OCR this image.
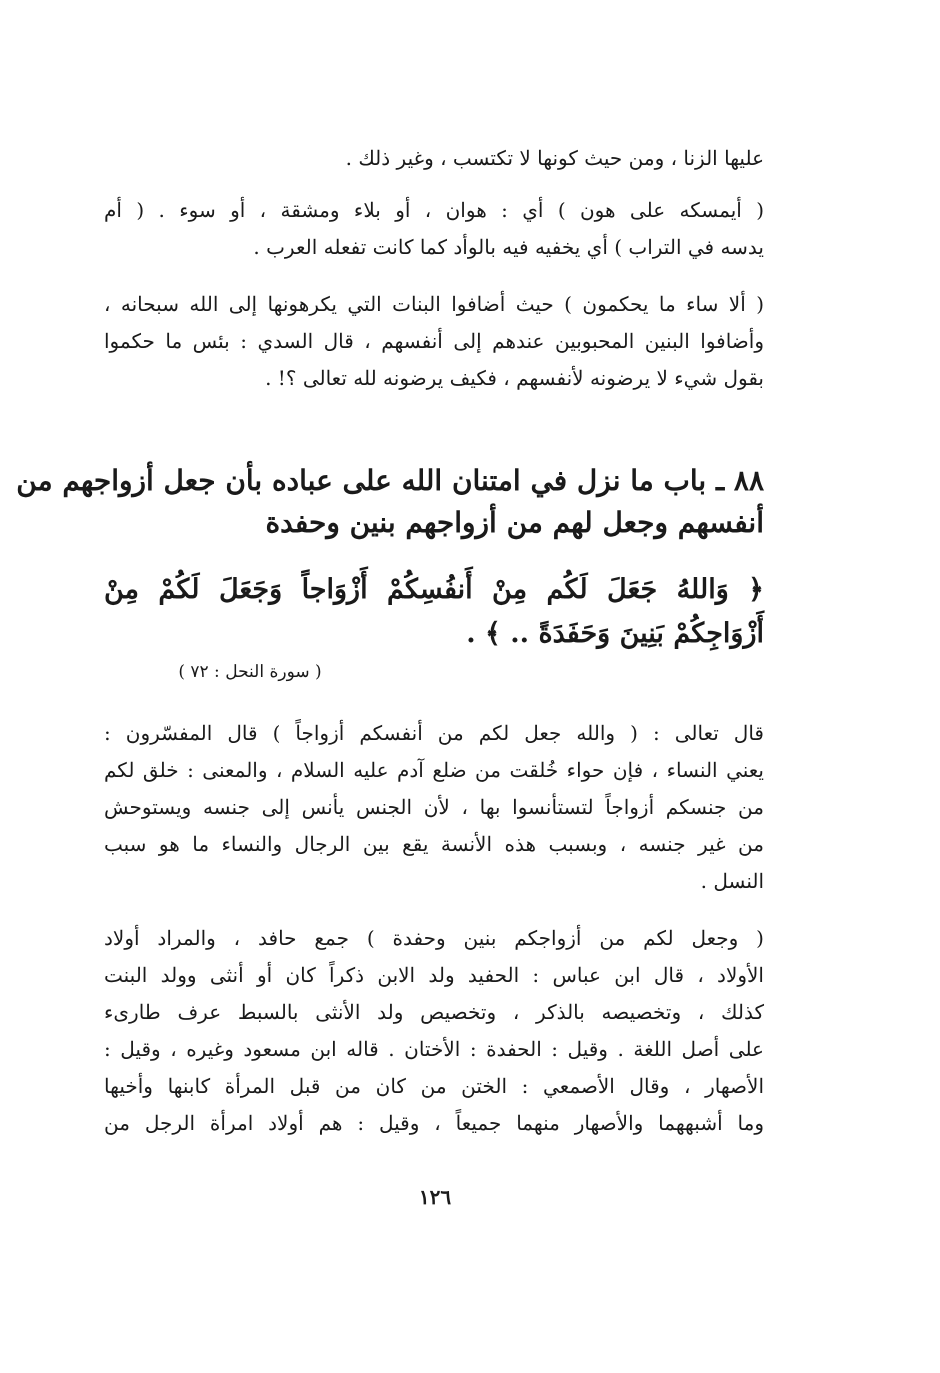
عليها الزنا ، ومن حيث كونها لا تكتسب ، وغير ذلك .
( أيمسكه على هون ) أي : هوان ، أو بلاء ومشقة ، أو سوء . ( أم
يدسه في التراب ) أي يخفيه فيه بالوأد كما كانت تفعله العرب .
( ألا ساء ما يحكمون ) حيث أضافوا البنات التي يكرهونها إلى الله سبحانه ،
وأضافوا البنين المحبوبين عندهم إلى أنفسهم ، قال السدي : بئس ما حكموا
بقول شيء لا يرضونه لأنفسهم ، فكيف يرضونه لله تعالى ؟! .
٨٨ ـ باب ما نزل في امتنان الله على عباده بأن جعل أزواجهم من
أنفسهم وجعل لهم من أزواجهم بنين وحفدة
﴿ وَاللهُ جَعَلَ لَكُم مِنْ أَنفُسِكُمْ أَزْوَاجاً وَجَعَلَ لَكُمْ مِنْ
أَزْوَاجِكُمْ بَنِينَ وَحَفَدَةً .. ﴾ .
( سورة النحل : ٧٢ )
قال تعالى : ( والله جعل لكم من أنفسكم أزواجاً ) قال المفسّرون :
يعني النساء ، فإن حواء خُلقت من ضلع آدم عليه السلام ، والمعنى : خلق لكم
من جنسكم أزواجاً لتستأنسوا بها ، لأن الجنس يأنس إلى جنسه ويستوحش
من غير جنسه ، وبسبب هذه الأنسة يقع بين الرجال والنساء ما هو سبب
النسل .
( وجعل لكم من أزواجكم بنين وحفدة ) جمع حافد ، والمراد أولاد
الأولاد ، قال ابن عباس : الحفيد ولد الابن ذكراً كان أو أنثى وولد البنت
كذلك ، وتخصيصه بالذكر ، وتخصيص ولد الأنثى بالسبط عرف طارىء
على أصل اللغة . وقيل : الحفدة : الأختان . قاله ابن مسعود وغيره ، وقيل :
الأصهار ، وقال الأصمعي : الختن من كان من قبل المرأة كابنها وأخيها
وما أشبههما والأصهار منهما جميعاً ، وقيل : هم أولاد امرأة الرجل من
١٢٦
